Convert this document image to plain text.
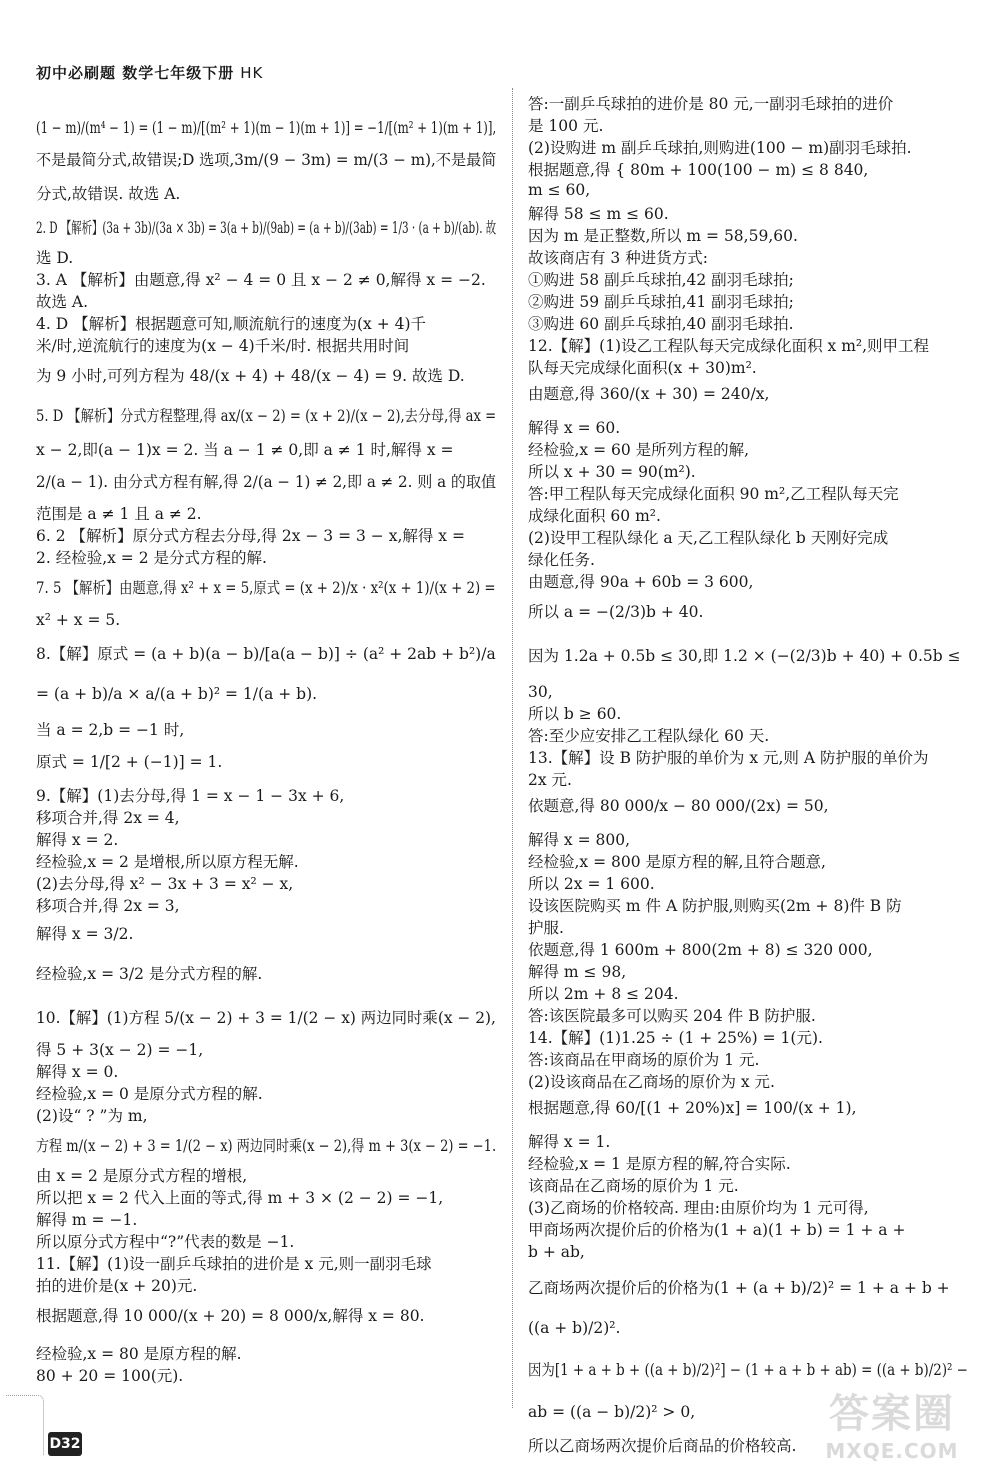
初中必刷题 数学七年级下册 HK
(1 − m)/(m⁴ − 1) = (1 − m)/[(m² + 1)(m − 1)(m + 1)] = −1/[(m² + 1)(m + 1)],
不是最简分式,故错误;D 选项,3m/(9 − 3m) = m/(3 − m),不是最简
分式,故错误. 故选 A.
2. D 【解析】(3a + 3b)/(3a × 3b) = 3(a + b)/(9ab) = (a + b)/(3ab) = 1/3 · (a + b)/(ab). 故
选 D.
3. A 【解析】由题意,得 x² − 4 = 0 且 x − 2 ≠ 0,解得 x = −2.
故选 A.
4. D 【解析】根据题意可知,顺流航行的速度为(x + 4)千
米/时,逆流航行的速度为(x − 4)千米/时. 根据共用时间
为 9 小时,可列方程为 48/(x + 4) + 48/(x − 4) = 9. 故选 D.
5. D 【解析】分式方程整理,得 ax/(x − 2) = (x + 2)/(x − 2),去分母,得 ax =
x − 2,即(a − 1)x = 2. 当 a − 1 ≠ 0,即 a ≠ 1 时,解得 x =
2/(a − 1). 由分式方程有解,得 2/(a − 1) ≠ 2,即 a ≠ 2. 则 a 的取值
范围是 a ≠ 1 且 a ≠ 2.
6. 2 【解析】原分式方程去分母,得 2x − 3 = 3 − x,解得 x =
2. 经检验,x = 2 是分式方程的解.
7. 5 【解析】由题意,得 x² + x = 5,原式 = (x + 2)/x · x²(x + 1)/(x + 2) =
x² + x = 5.
8.【解】原式 = (a + b)(a − b)/[a(a − b)] ÷ (a² + 2ab + b²)/a
= (a + b)/a × a/(a + b)² = 1/(a + b).
当 a = 2,b = −1 时,
原式 = 1/[2 + (−1)] = 1.
9.【解】(1)去分母,得 1 = x − 1 − 3x + 6,
移项合并,得 2x = 4,
解得 x = 2.
经检验,x = 2 是增根,所以原方程无解.
(2)去分母,得 x² − 3x + 3 = x² − x,
移项合并,得 2x = 3,
解得 x = 3/2.
经检验,x = 3/2 是分式方程的解.
10.【解】(1)方程 5/(x − 2) + 3 = 1/(2 − x) 两边同时乘(x − 2),
得 5 + 3(x − 2) = −1,
解得 x = 0.
经检验,x = 0 是原分式方程的解.
(2)设“ ? ”为 m,
方程 m/(x − 2) + 3 = 1/(2 − x) 两边同时乘(x − 2),得 m + 3(x − 2) = −1.
由 x = 2 是原分式方程的增根,
所以把 x = 2 代入上面的等式,得 m + 3 × (2 − 2) = −1,
解得 m = −1.
所以原分式方程中“?”代表的数是 −1.
11.【解】(1)设一副乒乓球拍的进价是 x 元,则一副羽毛球
拍的进价是(x + 20)元.
根据题意,得 10 000/(x + 20) = 8 000/x,解得 x = 80.
经检验,x = 80 是原方程的解.
80 + 20 = 100(元).
答:一副乒乓球拍的进价是 80 元,一副羽毛球拍的进价
是 100 元.
(2)设购进 m 副乒乓球拍,则购进(100 − m)副羽毛球拍.
根据题意,得 { 80m + 100(100 − m) ≤ 8 840,
m ≤ 60,
解得 58 ≤ m ≤ 60.
因为 m 是正整数,所以 m = 58,59,60.
故该商店有 3 种进货方式:
①购进 58 副乒乓球拍,42 副羽毛球拍;
②购进 59 副乒乓球拍,41 副羽毛球拍;
③购进 60 副乒乓球拍,40 副羽毛球拍.
12.【解】(1)设乙工程队每天完成绿化面积 x m²,则甲工程
队每天完成绿化面积(x + 30)m².
由题意,得 360/(x + 30) = 240/x,
解得 x = 60.
经检验,x = 60 是所列方程的解,
所以 x + 30 = 90(m²).
答:甲工程队每天完成绿化面积 90 m²,乙工程队每天完
成绿化面积 60 m².
(2)设甲工程队绿化 a 天,乙工程队绿化 b 天刚好完成
绿化任务.
由题意,得 90a + 60b = 3 600,
所以 a = −(2/3)b + 40.
因为 1.2a + 0.5b ≤ 30,即 1.2 × (−(2/3)b + 40) + 0.5b ≤
30,
所以 b ≥ 60.
答:至少应安排乙工程队绿化 60 天.
13.【解】设 B 防护服的单价为 x 元,则 A 防护服的单价为
2x 元.
依题意,得 80 000/x − 80 000/(2x) = 50,
解得 x = 800,
经检验,x = 800 是原方程的解,且符合题意,
所以 2x = 1 600.
设该医院购买 m 件 A 防护服,则购买(2m + 8)件 B 防
护服.
依题意,得 1 600m + 800(2m + 8) ≤ 320 000,
解得 m ≤ 98,
所以 2m + 8 ≤ 204.
答:该医院最多可以购买 204 件 B 防护服.
14.【解】(1)1.25 ÷ (1 + 25%) = 1(元).
答:该商品在甲商场的原价为 1 元.
(2)设该商品在乙商场的原价为 x 元.
根据题意,得 60/[(1 + 20%)x] = 100/(x + 1),
解得 x = 1.
经检验,x = 1 是原方程的解,符合实际.
该商品在乙商场的原价为 1 元.
(3)乙商场的价格较高. 理由:由原价均为 1 元可得,
甲商场两次提价后的价格为(1 + a)(1 + b) = 1 + a +
b + ab,
乙商场两次提价后的价格为(1 + (a + b)/2)² = 1 + a + b +
((a + b)/2)².
因为[1 + a + b + ((a + b)/2)²] − (1 + a + b + ab) = ((a + b)/2)² −
ab = ((a − b)/2)² > 0,
所以乙商场两次提价后商品的价格较高.
D32
答案圈
MXQE.COM
